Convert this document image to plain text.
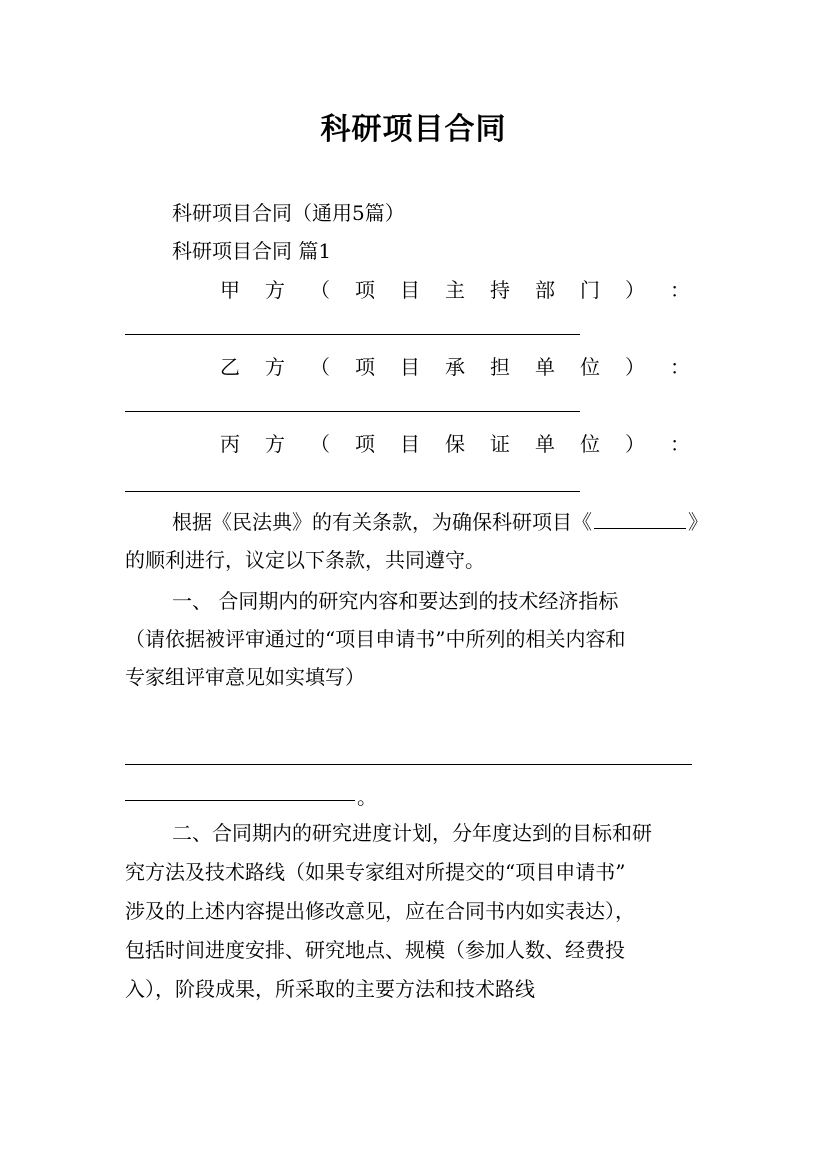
科研项目合同
科研项目合同（通用5篇）
科研项目合同 篇1
甲 方 （ 项 目 主 持 部 门 ） ：
乙 方 （ 项 目 承 担 单 位 ） ：
丙 方 （ 项 目 保 证 单 位 ） ：
根据《民法典》的有关条款，为确保科研项目《	》
的顺利进行，议定以下条款，共同遵守。
一、 合同期内的研究内容和要达到的技术经济指标
（请依据被评审通过的“项目申请书”中所列的相关内容和
专家组评审意见如实填写）
。
二、合同期内的研究进度计划，分年度达到的目标和研
究方法及技术路线（如果专家组对所提交的“项目申请书”
涉及的上述内容提出修改意见，应在合同书内如实表达），
包括时间进度安排、研究地点、规模（参加人数、经费投
入），阶段成果，所采取的主要方法和技术路线
